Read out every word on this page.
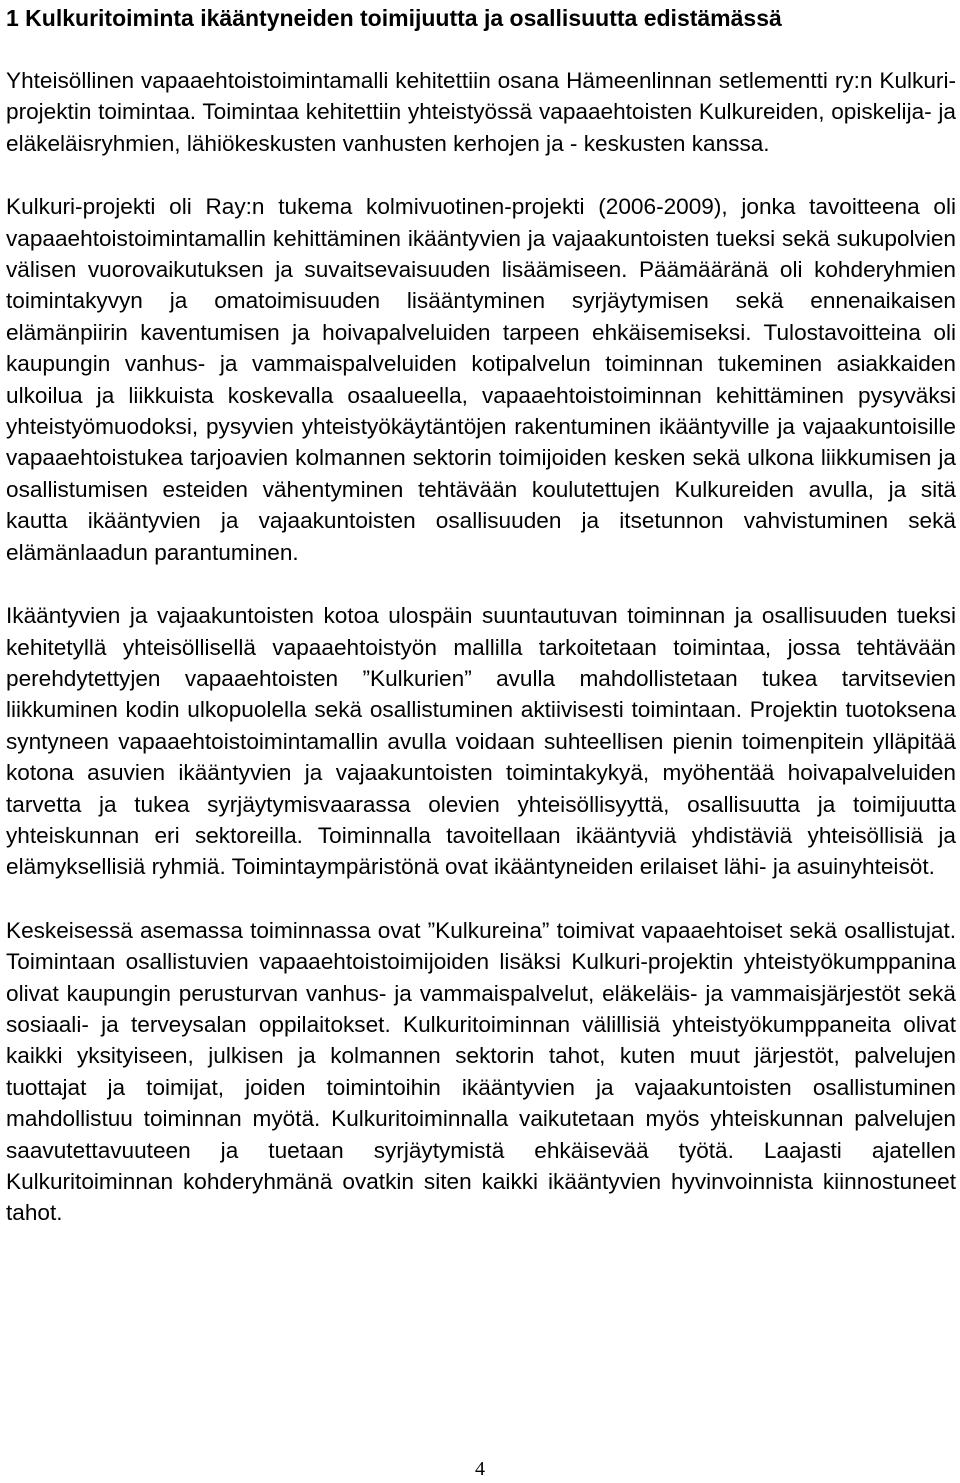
1 Kulkuritoiminta ikääntyneiden toimijuutta ja osallisuutta edistämässä

Yhteisöllinen vapaaehtoistoimintamalli kehitettiin osana Hämeenlinnan setlementti ry:n Kulkuri-projektin toimintaa. Toimintaa kehitettiin yhteistyössä vapaaehtoisten Kulkureiden, opiskelija- ja eläkeläisryhmien, lähiökeskusten vanhusten kerhojen ja - keskusten kanssa.

Kulkuri-projekti oli Ray:n tukema kolmivuotinen-projekti (2006-2009), jonka tavoitteena oli vapaaehtoistoimintamallin kehittäminen ikääntyvien ja vajaakuntoisten tueksi sekä sukupolvien välisen vuorovaikutuksen ja suvaitsevaisuuden lisäämiseen. Päämääränä oli kohderyhmien toimintakyvyn ja omatoimisuuden lisääntyminen syrjäytymisen sekä ennenaikaisen elämänpiirin kaventumisen ja hoivapalveluiden tarpeen ehkäisemiseksi. Tulostavoitteina oli kaupungin vanhus- ja vammaispalveluiden kotipalvelun toiminnan tukeminen asiakkaiden ulkoilua ja liikkuista koskevalla osaalueella, vapaaehtoistoiminnan kehittäminen pysyväksi yhteistyömuodoksi, pysyvien yhteistyökäytäntöjen rakentuminen ikääntyville ja vajaakuntoisille vapaaehtoistukea tarjoavien kolmannen sektorin toimijoiden kesken sekä ulkona liikkumisen ja osallistumisen esteiden vähentyminen tehtävään koulutettujen Kulkureiden avulla, ja sitä kautta ikääntyvien ja vajaakuntoisten osallisuuden ja itsetunnon vahvistuminen sekä elämänlaadun parantuminen.

Ikääntyvien ja vajaakuntoisten kotoa ulospäin suuntautuvan toiminnan ja osallisuuden tueksi kehitetyllä yhteisöllisellä vapaaehtoistyön mallilla tarkoitetaan toimintaa, jossa tehtävään perehdytettyjen vapaaehtoisten ”Kulkurien” avulla mahdollistetaan tukea tarvitsevien liikkuminen kodin ulkopuolella sekä osallistuminen aktiivisesti toimintaan. Projektin tuotoksena syntyneen vapaaehtoistoimintamallin avulla voidaan suhteellisen pienin toimenpitein ylläpitää kotona asuvien ikääntyvien ja vajaakuntoisten toimintakykyä, myöhentää hoivapalveluiden tarvetta ja tukea syrjäytymisvaarassa olevien yhteisöllisyyttä, osallisuutta ja toimijuutta yhteiskunnan eri sektoreilla. Toiminnalla tavoitellaan ikääntyviä yhdistäviä yhteisöllisiä ja elämyksellisiä ryhmiä. Toimintaympäristönä ovat ikääntyneiden erilaiset lähi- ja asuinyhteisöt.

Keskeisessä asemassa toiminnassa ovat ”Kulkureina” toimivat vapaaehtoiset sekä osallistujat. Toimintaan osallistuvien vapaaehtoistoimijoiden lisäksi Kulkuri-projektin yhteistyökumppanina olivat kaupungin perusturvan vanhus- ja vammaispalvelut, eläkeläis- ja vammaisjärjestöt sekä sosiaali- ja terveysalan oppilaitokset. Kulkuritoiminnan välillisiä yhteistyökumppaneita olivat kaikki yksityiseen, julkisen ja kolmannen sektorin tahot, kuten muut järjestöt, palvelujen tuottajat ja toimijat, joiden toimintoihin ikääntyvien ja vajaakuntoisten osallistuminen mahdollistuu toiminnan myötä. Kulkuritoiminnalla vaikutetaan myös yhteiskunnan palvelujen saavutettavuuteen ja tuetaan syrjäytymistä ehkäisevää työtä. Laajasti ajatellen Kulkuritoiminnan kohderyhmänä ovatkin siten kaikki ikääntyvien hyvinvoinnista kiinnostuneet tahot.

4
